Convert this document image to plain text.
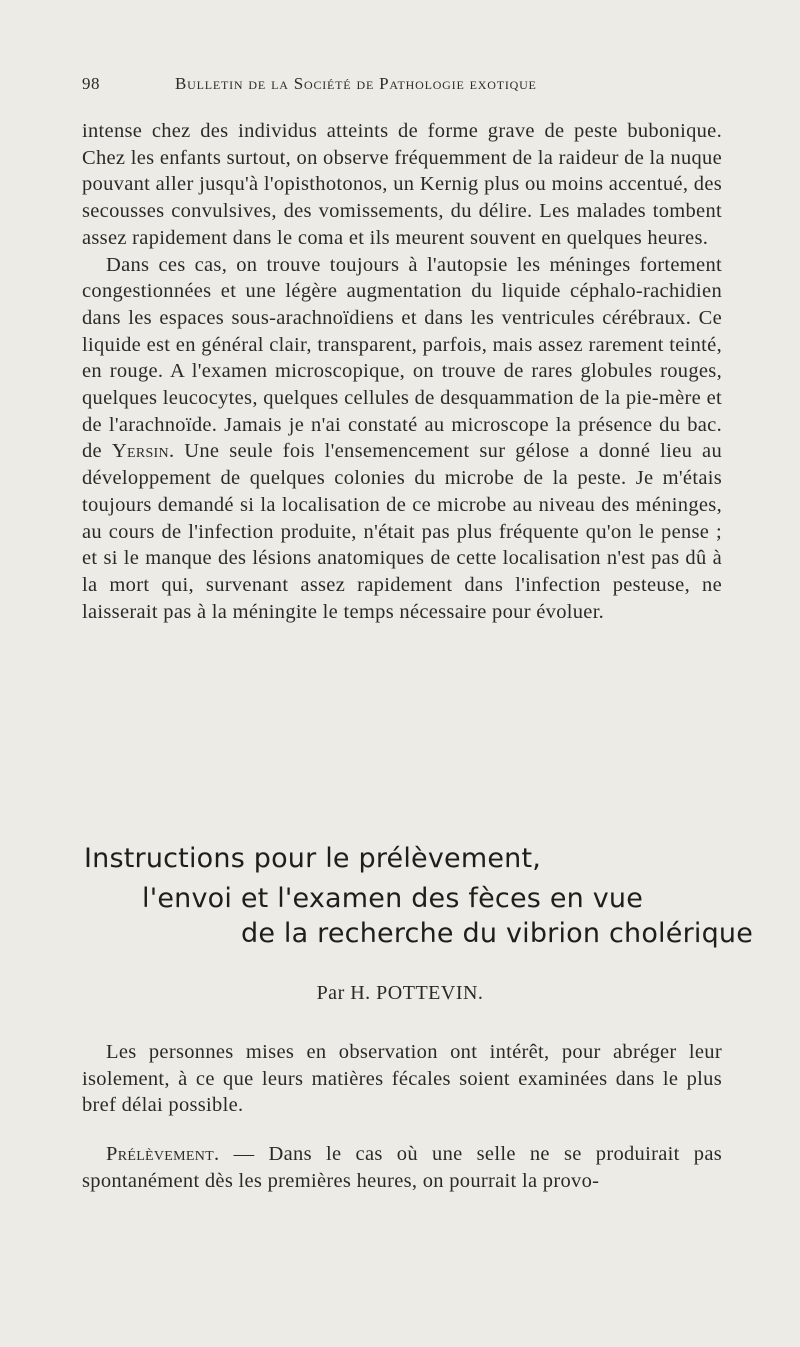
98	Bulletin de la Société de Pathologie exotique

intense chez des individus atteints de forme grave de peste bubonique. Chez les enfants surtout, on observe fréquemment de la raideur de la nuque pouvant aller jusqu'à l'opisthotonos, un Kernig plus ou moins accentué, des secousses convulsives, des vomissements, du délire. Les malades tombent assez rapidement dans le coma et ils meurent souvent en quelques heures.

Dans ces cas, on trouve toujours à l'autopsie les méninges fortement congestionnées et une légère augmentation du liquide céphalo-rachidien dans les espaces sous-arachnoïdiens et dans les ventricules cérébraux. Ce liquide est en général clair, transparent, parfois, mais assez rarement teinté, en rouge. A l'examen microscopique, on trouve de rares globules rouges, quelques leucocytes, quelques cellules de desquammation de la pie-mère et de l'arachnoïde. Jamais je n'ai constaté au microscope la présence du bac. de Yersin. Une seule fois l'ensemencement sur gélose a donné lieu au développement de quelques colonies du microbe de la peste. Je m'étais toujours demandé si la localisation de ce microbe au niveau des méninges, au cours de l'infection produite, n'était pas plus fréquente qu'on le pense ; et si le manque des lésions anatomiques de cette localisation n'est pas dû à la mort qui, survenant assez rapidement dans l'infection pesteuse, ne laisserait pas à la méningite le temps nécessaire pour évoluer.

Instructions pour le prélèvement,
l'envoi et l'examen des fèces en vue
de la recherche du vibrion cholérique
Par H. POTTEVIN.

Les personnes mises en observation ont intérêt, pour abréger leur isolement, à ce que leurs matières fécales soient examinées dans le plus bref délai possible.

Prélèvement. — Dans le cas où une selle ne se produirait pas spontanément dès les premières heures, on pourrait la provo-
